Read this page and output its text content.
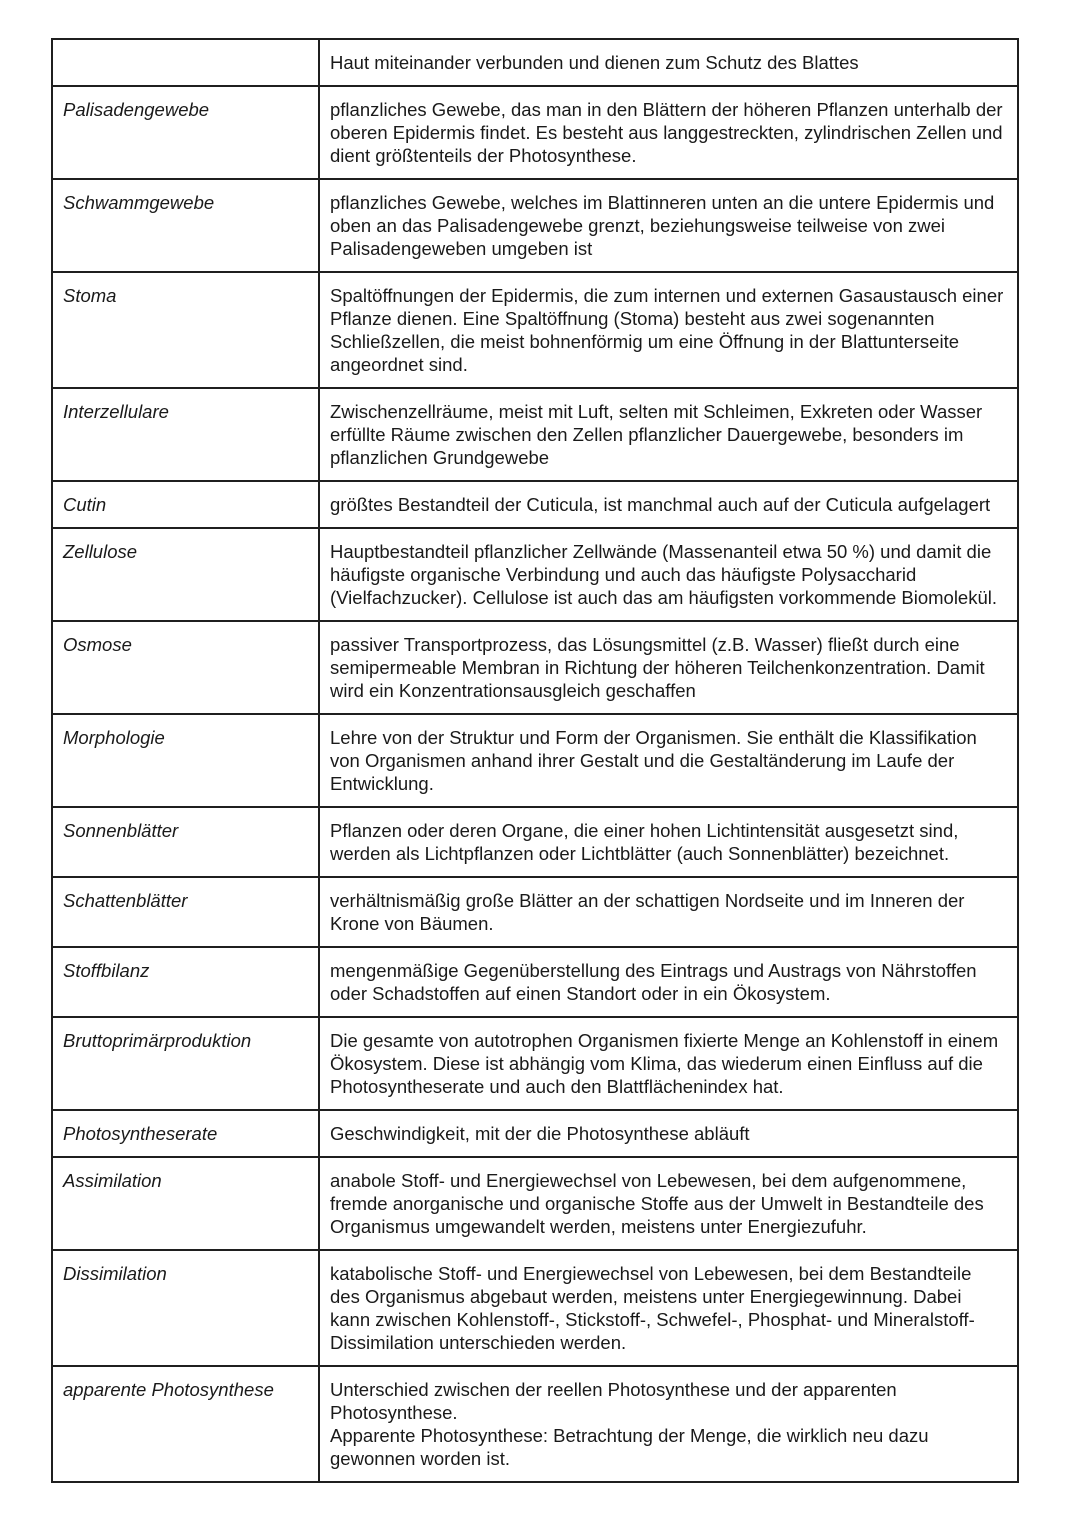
	Haut miteinander verbunden und dienen zum Schutz des Blattes
Palisadengewebe	pflanzliches Gewebe, das man in den Blättern der höheren Pflanzen unterhalb der oberen Epidermis findet. Es besteht aus langgestreckten, zylindrischen Zellen und dient größtenteils der Photosynthese.
Schwammgewebe	pflanzliches Gewebe, welches im Blattinneren unten an die untere Epidermis und oben an das Palisadengewebe grenzt, beziehungsweise teilweise von zwei Palisadengeweben umgeben ist
Stoma	Spaltöffnungen der Epidermis, die zum internen und externen Gasaustausch einer Pflanze dienen. Eine Spaltöffnung (Stoma) besteht aus zwei sogenannten Schließzellen, die meist bohnenförmig um eine Öffnung in der Blattunterseite angeordnet sind.
Interzellulare	Zwischenzellräume, meist mit Luft, selten mit Schleimen, Exkreten oder Wasser erfüllte Räume zwischen den Zellen pflanzlicher Dauergewebe, besonders im pflanzlichen Grundgewebe
Cutin	größtes Bestandteil der Cuticula, ist manchmal auch auf der Cuticula aufgelagert
Zellulose	Hauptbestandteil pflanzlicher Zellwände (Massenanteil etwa 50 %) und damit die häufigste organische Verbindung und auch das häufigste Polysaccharid (Vielfachzucker). Cellulose ist auch das am häufigsten vorkommende Biomolekül.
Osmose	passiver Transportprozess, das Lösungsmittel (z.B. Wasser) fließt durch eine semipermeable Membran in Richtung der höheren Teilchenkonzentration. Damit wird ein Konzentrationsausgleich geschaffen
Morphologie	Lehre von der Struktur und Form der Organismen. Sie enthält die Klassifikation von Organismen anhand ihrer Gestalt und die Gestaltänderung im Laufe der Entwicklung.
Sonnenblätter	Pflanzen oder deren Organe, die einer hohen Lichtintensität ausgesetzt sind, werden als Lichtpflanzen oder Lichtblätter (auch Sonnenblätter) bezeichnet.
Schattenblätter	verhältnismäßig große Blätter an der schattigen Nordseite und im Inneren der Krone von Bäumen.
Stoffbilanz	mengenmäßige Gegenüberstellung des Eintrags und Austrags von Nährstoffen oder Schadstoffen auf einen Standort oder in ein Ökosystem.
Bruttoprimärproduktion	Die gesamte von autotrophen Organismen fixierte Menge an Kohlenstoff in einem Ökosystem. Diese ist abhängig vom Klima, das wiederum einen Einfluss auf die Photosyntheserate und auch den Blattflächenindex hat.
Photosyntheserate	Geschwindigkeit, mit der die Photosynthese abläuft
Assimilation	anabole Stoff- und Energiewechsel von Lebewesen, bei dem aufgenommene, fremde anorganische und organische Stoffe aus der Umwelt in Bestandteile des Organismus umgewandelt werden, meistens unter Energiezufuhr.
Dissimilation	katabolische Stoff- und Energiewechsel von Lebewesen, bei dem Bestandteile des Organismus abgebaut werden, meistens unter Energiegewinnung. Dabei kann zwischen Kohlenstoff-, Stickstoff-, Schwefel-, Phosphat- und Mineralstoff-Dissimilation unterschieden werden.
apparente Photosynthese	Unterschied zwischen der reellen Photosynthese und der apparenten Photosynthese.
Apparente Photosynthese: Betrachtung der Menge, die wirklich neu dazu gewonnen worden ist.
